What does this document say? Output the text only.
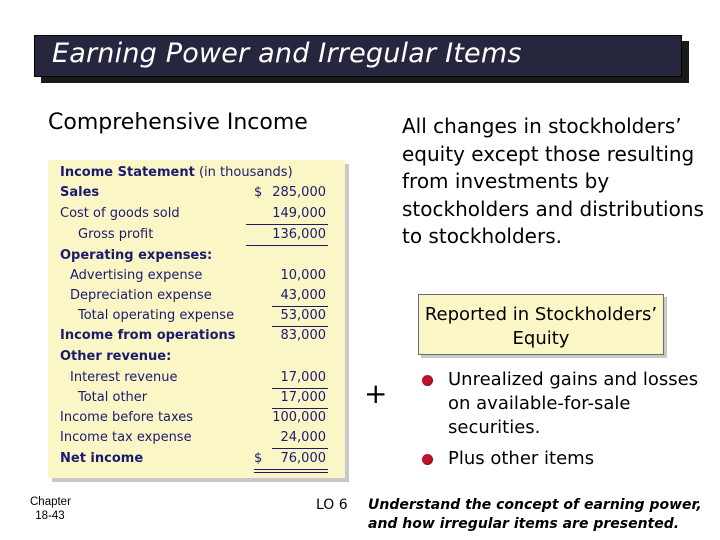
Earning Power and Irregular Items
Comprehensive Income	All changes in stockholders’ equity except those resulting from investments by stockholders and distributions to stockholders.
Income Statement (in thousands)
Sales	$ 285,000
Cost of goods sold	149,000
Gross profit	136,000
Operating expenses:
Advertising expense	10,000
Depreciation expense	43,000
Total operating expense	53,000
Income from operations	83,000
Other revenue:
Interest revenue	17,000
Total other	17,000
Income before taxes	100,000
Income tax expense	24,000
Net income	$ 76,000
+
Reported in Stockholders’ Equity
Unrealized gains and losses on available-for-sale securities.
Plus other items
Chapter
18-43
LO 6 Understand the concept of earning power, and how irregular items are presented.
